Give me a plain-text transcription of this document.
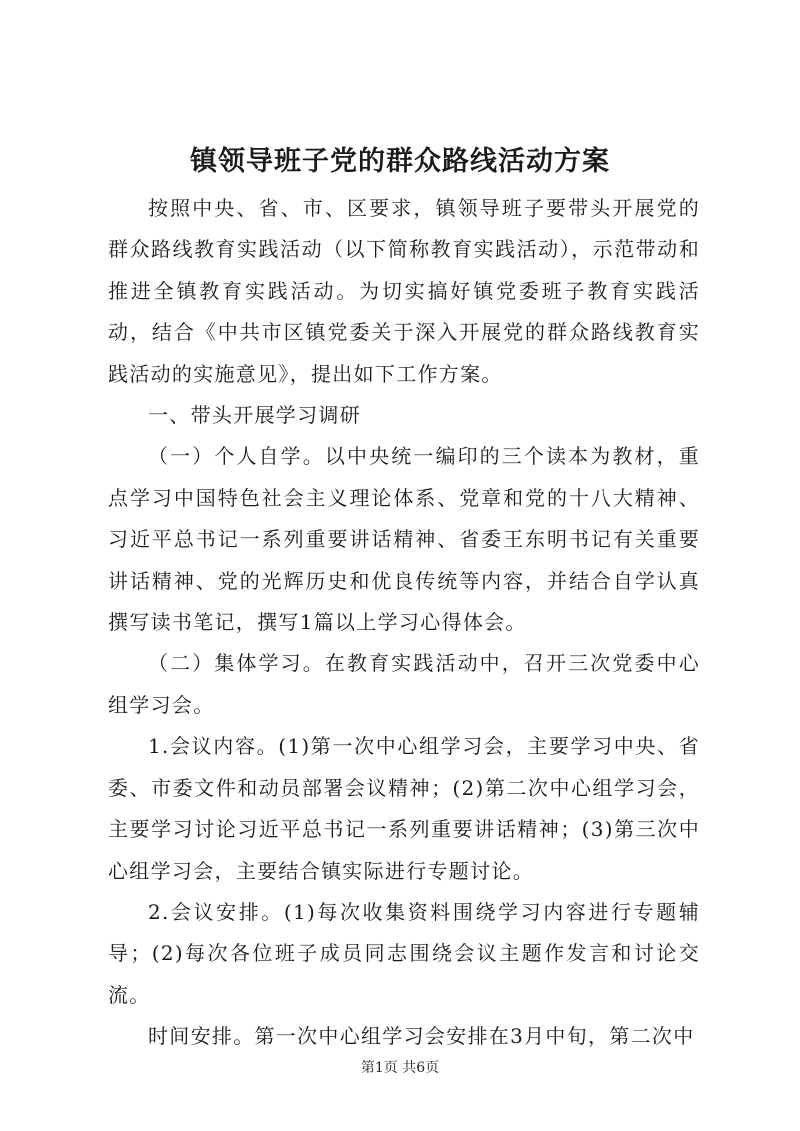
镇领导班子党的群众路线活动方案

按照中央、省、市、区要求，镇领导班子要带头开展党的群众路线教育实践活动（以下简称教育实践活动），示范带动和推进全镇教育实践活动。为切实搞好镇党委班子教育实践活动，结合《中共市区镇党委关于深入开展党的群众路线教育实践活动的实施意见》，提出如下工作方案。

一、带头开展学习调研

（一）个人自学。以中央统一编印的三个读本为教材，重点学习中国特色社会主义理论体系、党章和党的十八大精神、习近平总书记一系列重要讲话精神、省委王东明书记有关重要讲话精神、党的光辉历史和优良传统等内容，并结合自学认真撰写读书笔记，撰写1篇以上学习心得体会。

（二）集体学习。在教育实践活动中，召开三次党委中心组学习会。

1.会议内容。(1)第一次中心组学习会，主要学习中央、省委、市委文件和动员部署会议精神；(2)第二次中心组学习会，主要学习讨论习近平总书记一系列重要讲话精神；(3)第三次中心组学习会，主要结合镇实际进行专题讨论。

2.会议安排。(1)每次收集资料围绕学习内容进行专题辅导；(2)每次各位班子成员同志围绕会议主题作发言和讨论交流。

时间安排。第一次中心组学习会安排在3月中旬，第二次中

第1页 共6页
